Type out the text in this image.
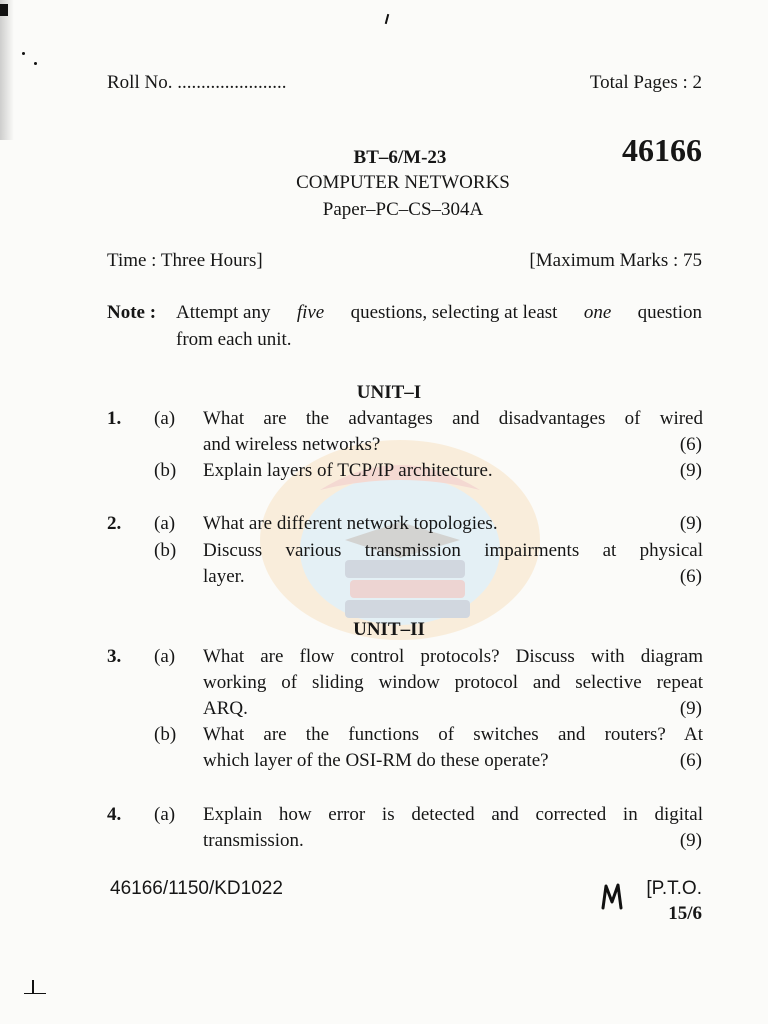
Roll No. .......................	Total Pages : 2
BT–6/M-23	46166
COMPUTER NETWORKS
Paper–PC–CS–304A
Time : Three Hours]	[Maximum Marks : 75
Note : Attempt any five questions, selecting at least one question
from each unit.
UNIT–I
1. (a) What are the advantages and disadvantages of wired
and wireless networks?	(6)
(b) Explain layers of TCP/IP architecture.	(9)
2. (a) What are different network topologies.	(9)
(b) Discuss various transmission impairments at physical
layer.	(6)
UNIT–II
3. (a) What are flow control protocols? Discuss with diagram
working of sliding window protocol and selective repeat
ARQ.	(9)
(b) What are the functions of switches and routers? At
which layer of the OSI-RM do these operate?	(6)
4. (a) Explain how error is detected and corrected in digital
transmission.	(9)
46166/1150/KD1022	[P.T.O.
15/6
